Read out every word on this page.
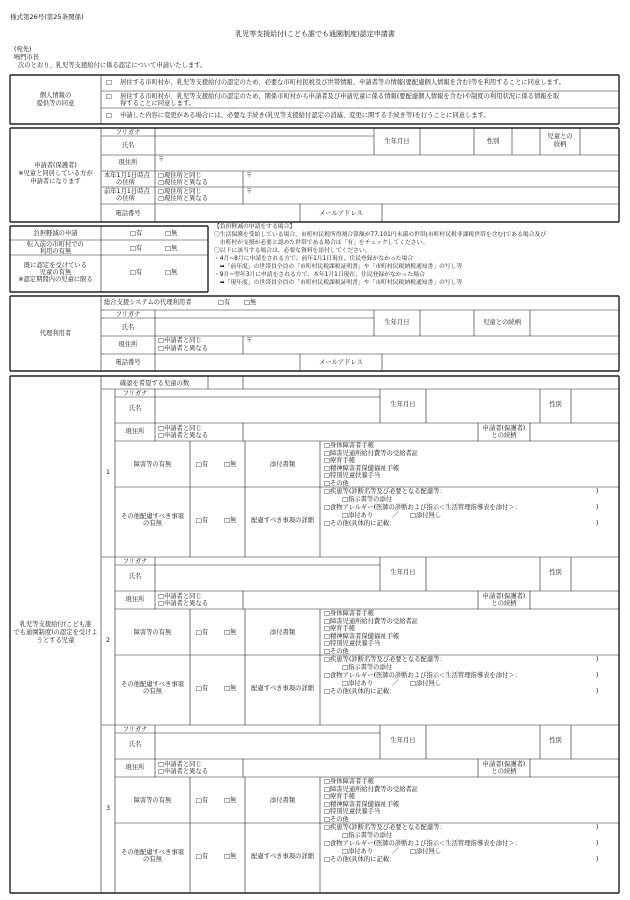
様式第26号(第25条関係)
乳児等支援給付(こども誰でも通園制度)認定申請書
(宛先)
鳴門市長
次のとおり、乳児等支援給付に係る認定について申請いたします。
個人情報の
提供等の同意
□ 居住する市町村が、乳児等支援給付の認定のため、必要な市町村民税及び世帯情報、申請者等の情報(要配慮個人情報を含む)等を利用することに同意します。
□ 居住する市町村が、乳児等支援給付の認定のため、関係市町村から申請者及び申請児童に係る情報(要配慮個人情報を含む)や制度の利用状況に係る情報を取
得することに同意します。
□ 申請した内容に変更がある場合には、必要な手続き(乳児等支援給付認定の消滅、変更に関する手続き等)を行うことに同意します。
申請者(保護者)
※児童と同居している方が
申請者になります
フリガナ
氏名
生年月日	性別
児童との
続柄
現住所	〒
本年1月1日時点
の住所
□現住所と同じ
□現住所と異なる
〒
前年1月1日時点
の住所
□現住所と同じ
□現住所と異なる
〒
電話番号	メールアドレス
負担軽減の申請	□有	□無
転入前の市町村での
利用の有無	□有	□無
既に認定を受けている
児童の有無
※認定期間内の児童に限る
□有	□無
【負担軽減の申請をする場合】
〇生活保護を受給している場合、市町村民税所得割合算額が77,101円未満の世帯(市町村民税非課税世帯を含む)である場合及び
　市町村が支援が必要と認めた世帯である場合は「有」をチェックしてください。
〇以下に該当する場合は、必要な資料を添付してください。
・4月~8月に申請をされる方で、前年1月1日現在、住民登録がなかった場合
　➡「前年度」の世帯員全員の「市町村民税課税証明書」や「市町村民税納税通知書」の写し等
・9月~翌年3月に申請をされる方で、本年1月1日現在、住民登録がなかった場合
　➡「現年度」の世帯員全員の「市町村民税課税証明書」や「市町村民税納税通知書」の写し等
代理利用者
総合支援システムの代理利用者	□有 □無
フリガナ
氏名
生年月日	児童との続柄
現住所
□申請者と同じ
□申請者と異なる
〒
電話番号	メールアドレス
乳児等支援給付(こども誰
でも通園制度)の認定を受けよ
うとする児童
確認を希望する児童の数
1
フリガナ
氏名
生年月日	性別
現住所	□申請者と同じ
□申請者と異なる
申請者(保護者)
との続柄
障害等の有無	□有	□無	添付書類
□身体障害者手帳
□障害児通所給付費等の受給者証
□療育手帳
□精神障害者保健福祉手帳
□特別児童扶養手当
□その他
その他配慮すべき事項
の有無	□有	□無	配慮すべき事項の詳細
□疾患等(診断名等及び必要となる配慮等：	)
□指示書等の添付
□食物アレルギー(医師の診断および指示＜生活管理指導表を添付＞：	)
□添付あり	／ □添付無し
□その他(具体的に記載：	)
2
フリガナ
氏名
生年月日	性別
現住所	□申請者と同じ
□申請者と異なる
申請者(保護者)
との続柄
障害等の有無	□有	□無	添付書類
□身体障害者手帳
□障害児通所給付費等の受給者証
□療育手帳
□精神障害者保健福祉手帳
□特別児童扶養手当
□その他
その他配慮すべき事項
の有無	□有	□無	配慮すべき事項の詳細
□疾患等(診断名等及び必要となる配慮等：	)
□指示書等の添付
□食物アレルギー(医師の診断および指示＜生活管理指導表を添付＞：	)
□添付あり	／ □添付無し
□その他(具体的に記載：	)
3
フリガナ
氏名
生年月日	性別
現住所	□申請者と同じ
□申請者と異なる
申請者(保護者)
との続柄
障害等の有無	□有	□無	添付書類
□身体障害者手帳
□障害児通所給付費等の受給者証
□療育手帳
□精神障害者保健福祉手帳
□特別児童扶養手当
□その他
その他配慮すべき事項
の有無	□有	□無	配慮すべき事項の詳細
□疾患等(診断名等及び必要となる配慮等：	)
□指示書等の添付
□食物アレルギー(医師の診断および指示＜生活管理指導表を添付＞：	)
□添付あり	／ □添付無し
□その他(具体的に記載：	)
